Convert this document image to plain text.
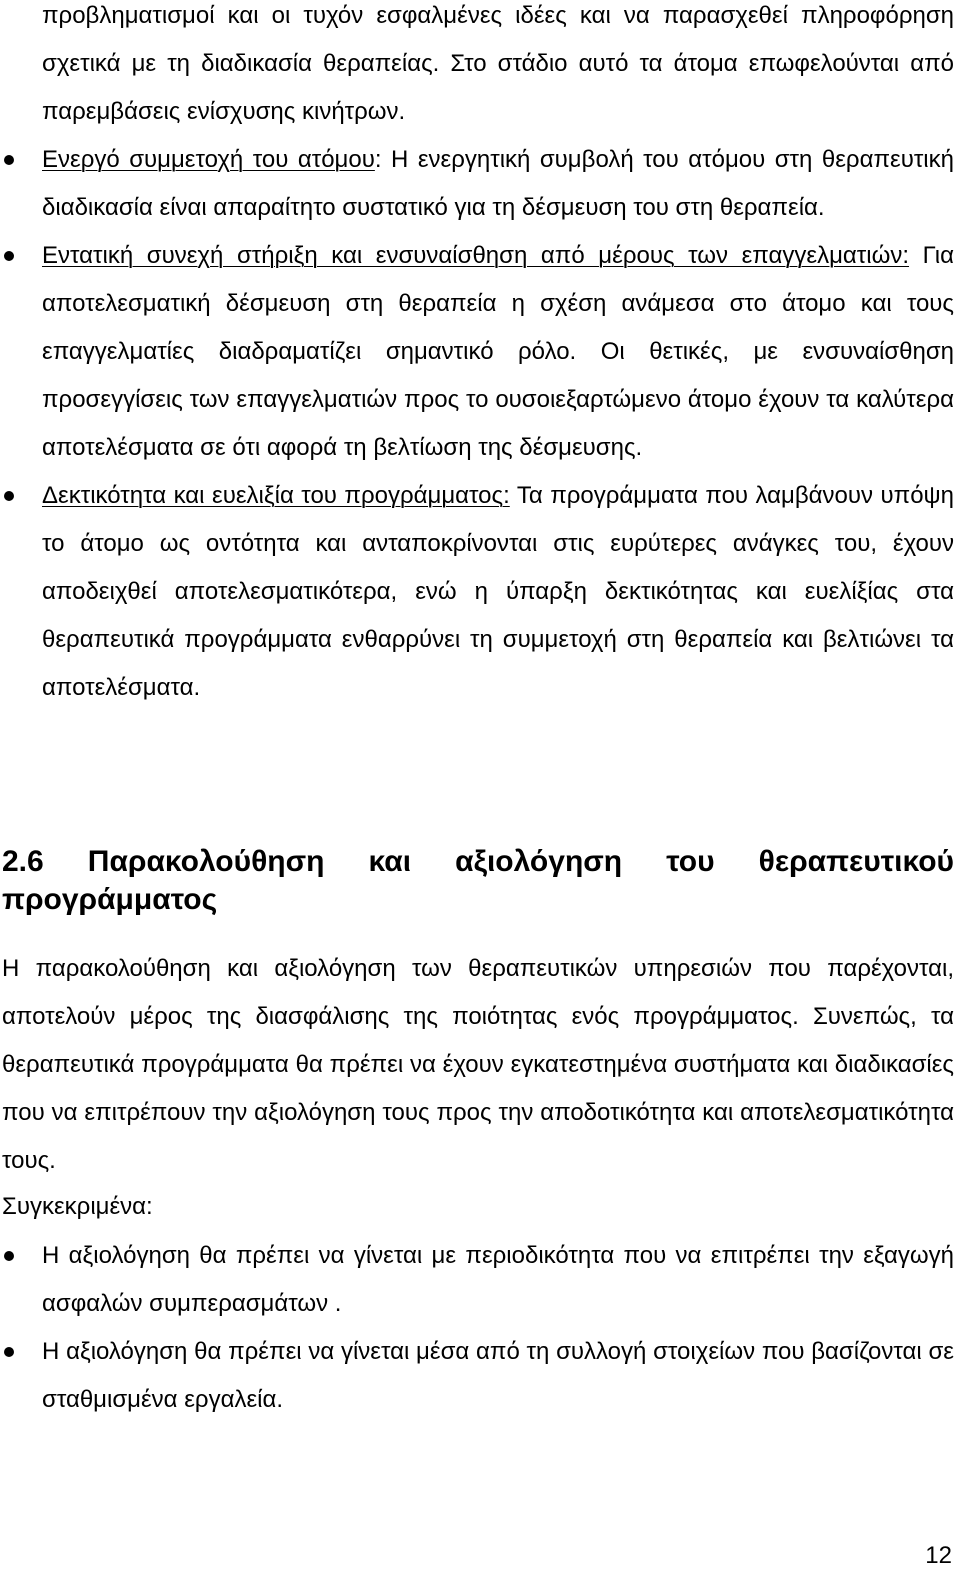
προβληματισμοί και οι τυχόν εσφαλμένες ιδέες και να παρασχεθεί πληροφόρηση σχετικά με τη διαδικασία θεραπείας. Στο στάδιο αυτό τα άτομα επωφελούνται από παρεμβάσεις ενίσχυσης κινήτρων.

Ενεργό συμμετοχή του ατόμου: Η ενεργητική συμβολή του ατόμου στη θεραπευτική διαδικασία είναι απαραίτητο συστατικό για τη δέσμευση του στη θεραπεία.
Εντατική συνεχή στήριξη και ενσυναίσθηση από μέρους των επαγγελματιών: Για αποτελεσματική δέσμευση στη θεραπεία η σχέση ανάμεσα στο άτομο και τους επαγγελματίες διαδραματίζει σημαντικό ρόλο. Οι θετικές, με ενσυναίσθηση προσεγγίσεις των επαγγελματιών προς το ουσοιεξαρτώμενο άτομο έχουν τα καλύτερα αποτελέσματα σε ότι αφορά τη βελτίωση της δέσμευσης.
Δεκτικότητα και ευελιξία του προγράμματος: Τα προγράμματα που λαμβάνουν υπόψη το άτομο ως οντότητα και ανταποκρίνονται στις ευρύτερες ανάγκες του, έχουν αποδειχθεί αποτελεσματικότερα, ενώ η ύπαρξη δεκτικότητας και ευελίξίας στα θεραπευτικά προγράμματα ενθαρρύνει τη συμμετοχή στη θεραπεία και βελτιώνει τα αποτελέσματα.
2.6 Παρακολούθηση και αξιολόγηση του θεραπευτικού προγράμματος

Η παρακολούθηση και αξιολόγηση των θεραπευτικών υπηρεσιών που παρέχονται, αποτελούν μέρος της διασφάλισης της ποιότητας ενός προγράμματος. Συνεπώς, τα θεραπευτικά προγράμματα θα πρέπει να έχουν εγκατεστημένα συστήματα και διαδικασίες που να επιτρέπουν την αξιολόγηση τους προς την αποδοτικότητα και αποτελεσματικότητα τους.

Συγκεκριμένα:

Η αξιολόγηση θα πρέπει να γίνεται με περιοδικότητα που να επιτρέπει την εξαγωγή ασφαλών συμπερασμάτων .
Η αξιολόγηση θα πρέπει να γίνεται μέσα από τη συλλογή στοιχείων που βασίζονται σε σταθμισμένα εργαλεία.
12
